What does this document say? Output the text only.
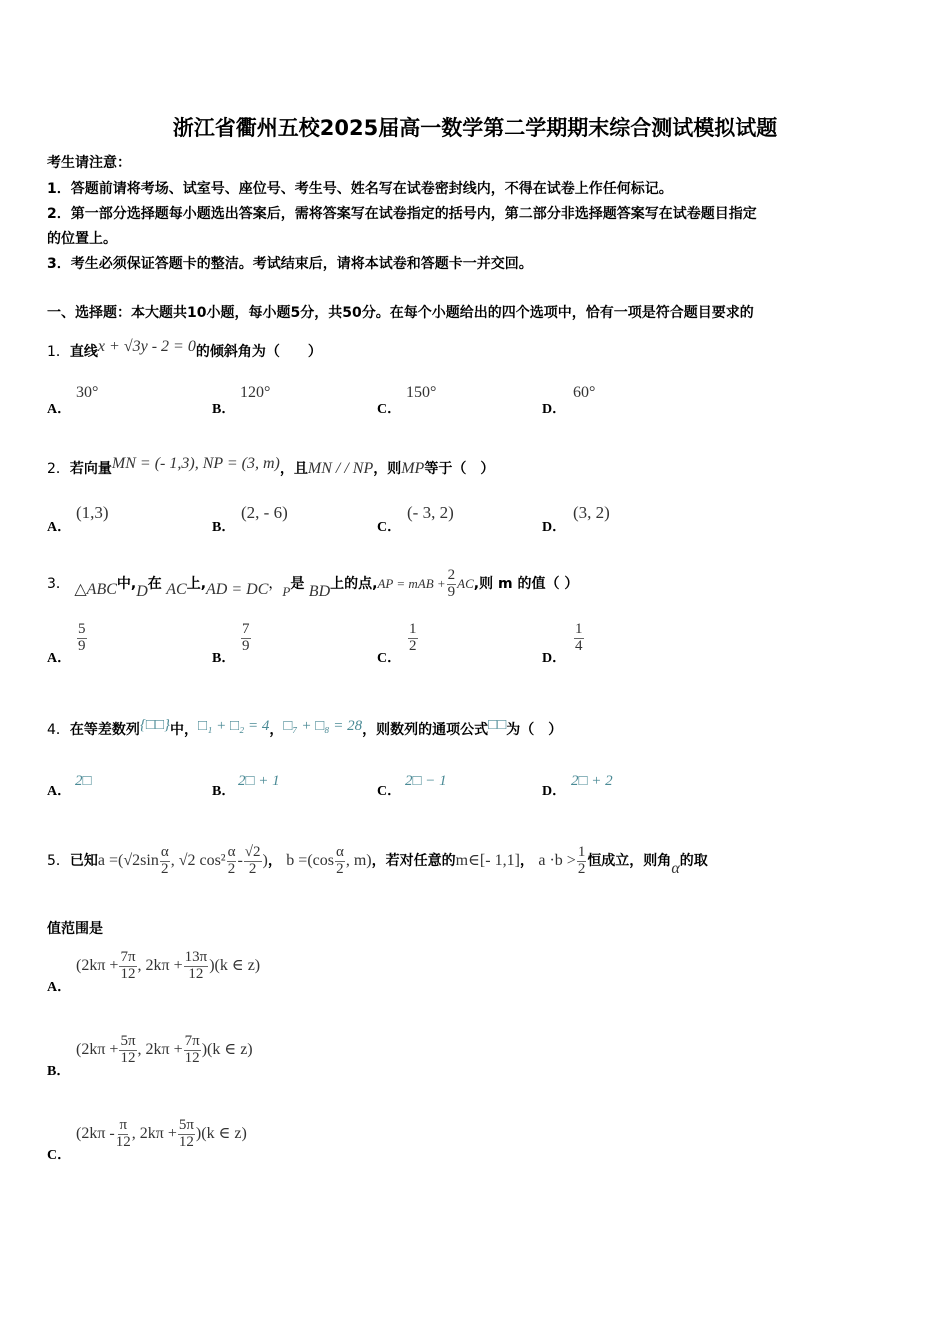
浙江省衢州五校2025届高一数学第二学期期末综合测试模拟试题
考生请注意：
1．答题前请将考场、试室号、座位号、考生号、姓名写在试卷密封线内，不得在试卷上作任何标记。
2．第一部分选择题每小题选出答案后，需将答案写在试卷指定的括号内，第二部分非选择题答案写在试卷题目指定
的位置上。
3．考生必须保证答题卡的整洁。考试结束后，请将本试卷和答题卡一并交回。
一、选择题：本大题共10小题，每小题5分，共50分。在每个小题给出的四个选项中，恰有一项是符合题目要求的
1．直线x + √3y - 2 = 0的倾斜角为（　　）
A．
30°
B．
120°
C．
150°
D．
60°
2．若向量MN = (- 1,3), NP = (3, m)，且MN / / NP，则MP等于（　）
A．
(1,3)
B．
(2, - 6)
C．
(- 3, 2)
D．
(3, 2)
3． △ABC中,D在 AC上,AD = DC，P是 BD上的点,AP = mAB + $\frac{2}{9}$ AC,则 m 的值（ ）
A．
$\frac{5}{9}$
B．
$\frac{7}{9}$
C．
$\frac{1}{2}$
D．
$\frac{1}{4}$
4．在等差数列{□□}中，□₁ + □₂ = 4，□₇ + □₈ = 28，则数列的通项公式□□为（　）
A．
2□
B．
2□ + 1
C．
2□ − 1
D．
2□ + 2
5．已知$a =(√2\sin \frac{\alpha}{2}$ , √2 $\cos^2 \frac{\alpha}{2} - \frac{√2}{2}$ )， $b =(\cos \frac{\alpha}{2}$ , m)，若对任意的m∈[- 1,1]， $a \cdot b > \frac{1}{2}$ 恒成立，则角α的取
值范围是
A．
($2k\pi + \frac{7\pi}{12}$ , $2k\pi + \frac{13\pi}{12} )(k$ ∈ z)
B．
($2k\pi + \frac{5\pi}{12}$ , $2k\pi + \frac{7\pi}{12} )(k$ ∈ z)
C．
($2k\pi - \frac{\pi}{12}$ , $2k\pi + \frac{5\pi}{12} )(k$ ∈ z)
